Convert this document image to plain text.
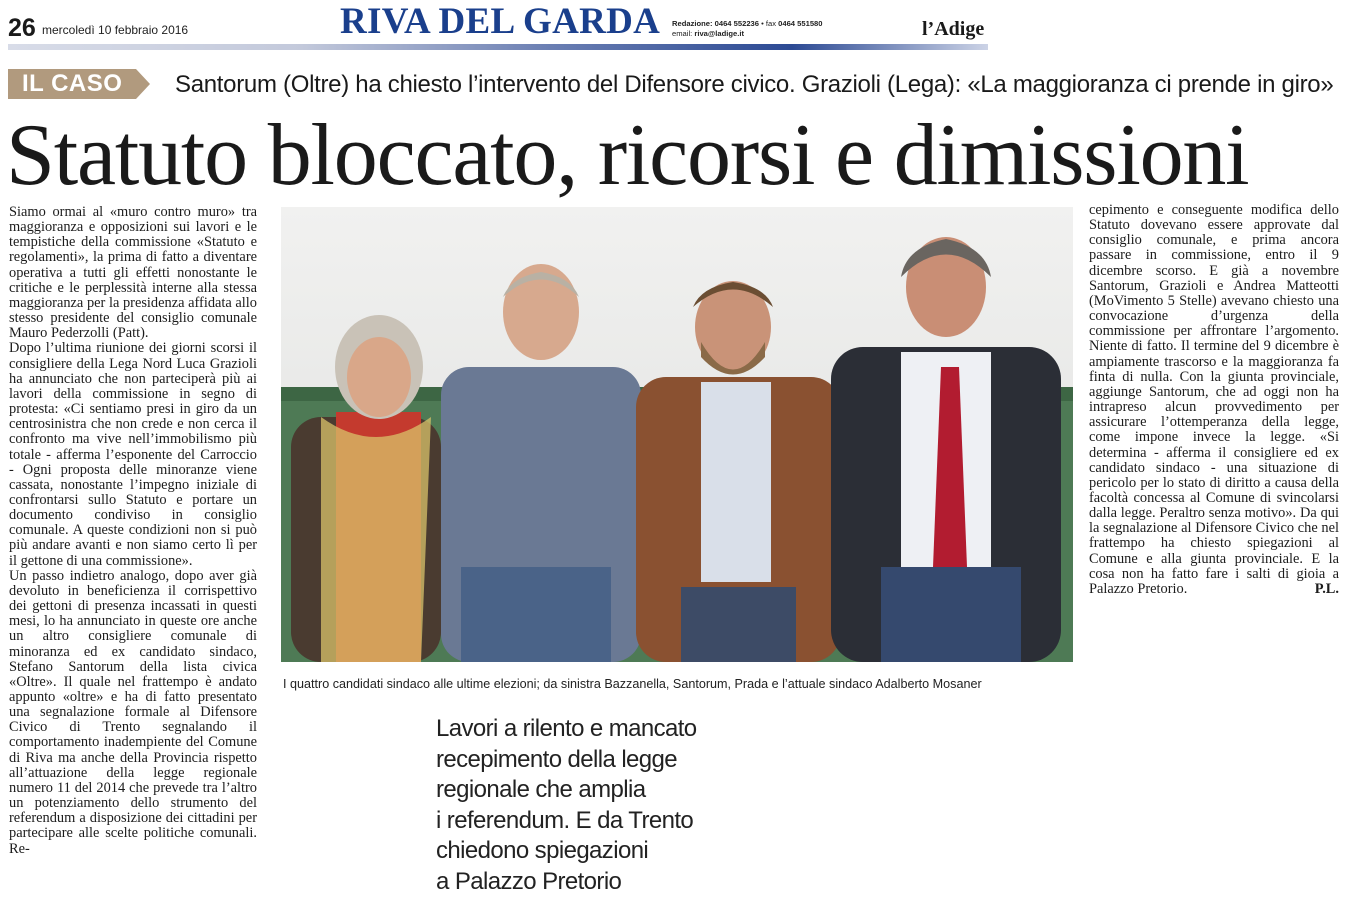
26 mercoledì 10 febbraio 2016	RIVA DEL GARDA Redazione: 0464 552236 • fax 0464 551580
email: riva@ladige.it	l’Adige
IL CASO Santorum (Oltre) ha chiesto l’intervento del Difensore civico. Grazioli (Lega): «La maggioranza ci prende in giro»
Statuto bloccato, ricorsi e dimissioni

Siamo ormai al «muro contro muro» tra maggioranza e opposizioni sui lavori e le tempistiche della commissione «Statuto e regolamenti», la prima di fatto a diventare operativa a tutti gli effetti nonostante le critiche e le perplessità interne alla stessa maggioranza per la presidenza affidata allo stesso presidente del consiglio comunale Mauro Pederzolli (Patt).

Dopo l’ultima riunione dei giorni scorsi il consigliere della Lega Nord Luca Grazioli ha annunciato che non parteciperà più ai lavori della commissione in segno di protesta: «Ci sentiamo presi in giro da un centrosinistra che non crede e non cerca il confronto ma vive nell’immobilismo più totale - afferma l’esponente del Carroccio - Ogni proposta delle minoranze viene cassata, nonostante l’impegno iniziale di confrontarsi sullo Statuto e portare un documento condiviso in consiglio comunale. A queste condizioni non si può più andare avanti e non siamo certo lì per il gettone di una commissione».

Un passo indietro analogo, dopo aver già devoluto in beneficienza il corrispettivo dei gettoni di presenza incassati in questi mesi, lo ha annunciato in queste ore anche un altro consigliere comunale di minoranza ed ex candidato sindaco, Stefano Santorum della lista civica «Oltre». Il quale nel frattempo è andato appunto «oltre» e ha di fatto presentato una segnalazione formale al Difensore Civico di Trento segnalando il comportamento inadempiente del Comune di Riva ma anche della Provincia rispetto all’attuazione della legge regionale numero 11 del 2014 che prevede tra l’altro un potenziamento dello strumento del referendum a disposizione dei cittadini per partecipare alle scelte politiche comunali. Re-

I quattro candidati sindaco alle ultime elezioni; da sinistra Bazzanella, Santorum, Prada e l’attuale sindaco Adalberto Mosaner

cepimento e conseguente modifica dello Statuto dovevano essere approvate dal consiglio comunale, e prima ancora passare in commissione, entro il 9 dicembre scorso. E già a novembre Santorum, Grazioli e Andrea Matteotti (MoVimento 5 Stelle) avevano chiesto una convocazione d’urgenza della commissione per affrontare l’argomento. Niente di fatto. Il termine del 9 dicembre è ampiamente trascorso e la maggioranza fa finta di nulla. Con la giunta provinciale, aggiunge Santorum, che ad oggi non ha intrapreso alcun provvedimento per assicurare l’ottemperanza della legge, come impone invece la legge. «Si determina - afferma il consigliere ed ex candidato sindaco - una situazione di pericolo per lo stato di diritto a causa della facoltà concessa al Comune di svincolarsi dalla legge. Peraltro senza motivo». Da qui la segnalazione al Difensore Civico che nel frattempo ha chiesto spiegazioni al Comune e alla giunta provinciale. E la cosa non ha fatto fare i salti di gioia a Palazzo Pretorio.	P.L.

Lavori a rilento e mancato
recepimento della legge
regionale che amplia
i referendum. E da Trento
chiedono spiegazioni
a Palazzo Pretorio
